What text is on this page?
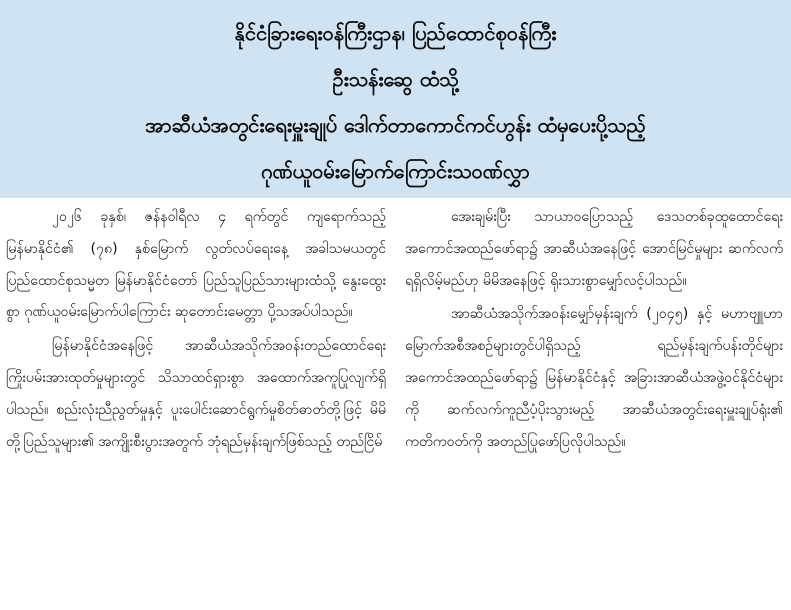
နိုင်ငံခြားရေးဝန်ကြီးဌာန၊ ပြည်ထောင်စုဝန်ကြီး
ဦးသန်းဆွေ ထံသို့
အာဆီယံအတွင်းရေးမှူးချုပ် ဒေါက်တာကောင်ကင်ဟွန်း ထံမှပေးပို့သည့်
ဂုဏ်ယူဝမ်းမြောက်ကြောင်းသဝဏ်လွှာ

၂၀၂၆ ခုနှစ်၊ ဇန်နဝါရီလ ၄ ရက်တွင် ကျရောက်သည့် မြန်မာနိုင်ငံ၏ (၇၈) နှစ်မြောက် လွတ်လပ်ရေးနေ့ အခါသမယတွင် ပြည်ထောင်စုသမ္မတ မြန်မာနိုင်ငံတော် ပြည်သူပြည်သားများထံသို့ နွေးထွေးစွာ ဂုဏ်ယူဝမ်းမြောက်ပါကြောင်း ဆုတောင်းမေတ္တာ ပို့သအပ်ပါသည်။

မြန်မာနိုင်ငံအနေဖြင့် အာဆီယံအသိုက်အဝန်းတည်ထောင်ရေး ကြိုးပမ်းအားထုတ်မှုများတွင် သိသာထင်ရှားစွာ အထောက်အကူပြုလျက်ရှိပါသည်။ စည်းလုံးညီညွတ်မှုနှင့် ပူးပေါင်းဆောင်ရွက်မှုစိတ်ဓာတ်တို့ဖြင့် မိမိတို့ပြည်သူများ၏ အကျိုးစီးပွားအတွက် ဘုံရည်မှန်းချက်ဖြစ်သည့် တည်ငြိမ်

အေးချမ်းပြီး သာယာဝပြောသည့် ဒေသတစ်ခုထူထောင်ရေး အကောင်အထည်ဖော်ရာ၌ အာဆီယံအနေဖြင့် အောင်မြင်မှုများ ဆက်လက်ရရှိလိမ့်မည်ဟု မိမိအနေဖြင့် ရိုးသားစွာမျှော်လင့်ပါသည်။

အာဆီယံအသိုက်အဝန်းမျှော်မှန်းချက် (၂၀၄၅) နှင့် မဟာဗျူဟာမြောက်အစီအစဉ်များတွင်ပါရှိသည့် ရည်မှန်းချက်ပန်းတိုင်များ အကောင်အထည်ဖော်ရာ၌ မြန်မာနိုင်ငံနှင့် အခြားအာဆီယံအဖွဲ့ဝင်နိုင်ငံများကို ဆက်လက်ကူညီပံ့ပိုးသွားမည့် အာဆီယံအတွင်းရေးမှူးချုပ်ရုံး၏ ကတိကဝတ်ကို အတည်ပြုဖော်ပြလိုပါသည်။
